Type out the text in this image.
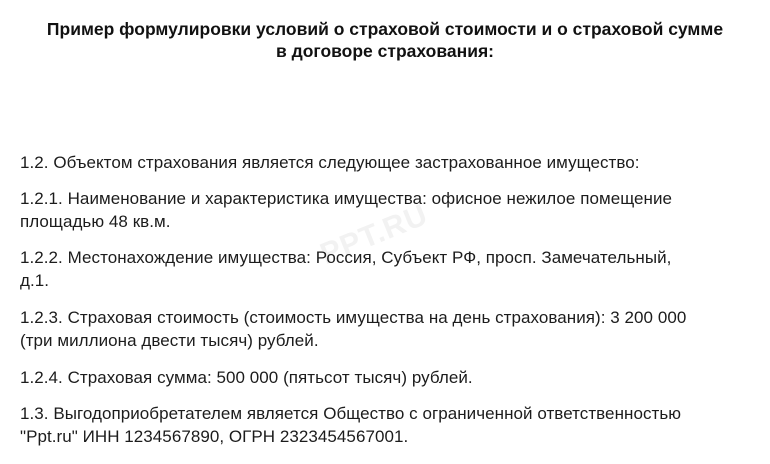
Пример формулировки условий о страховой стоимости и о страховой сумме
в договоре страхования:
PPT.RU
1.2. Объектом страхования является следующее застрахованное имущество:
1.2.1. Наименование и характеристика имущества: офисное нежилое помещение
площадью 48 кв.м.
1.2.2. Местонахождение имущества: Россия, Субъект РФ, просп. Замечательный,
д.1.
1.2.3. Страховая стоимость (стоимость имущества на день страхования): 3 200 000
(три миллиона двести тысяч) рублей.
1.2.4. Страховая сумма: 500 000 (пятьсот тысяч) рублей.
1.3. Выгодоприобретателем является Общество с ограниченной ответственностью
"Ppt.ru" ИНН 1234567890, ОГРН 2323454567001.
